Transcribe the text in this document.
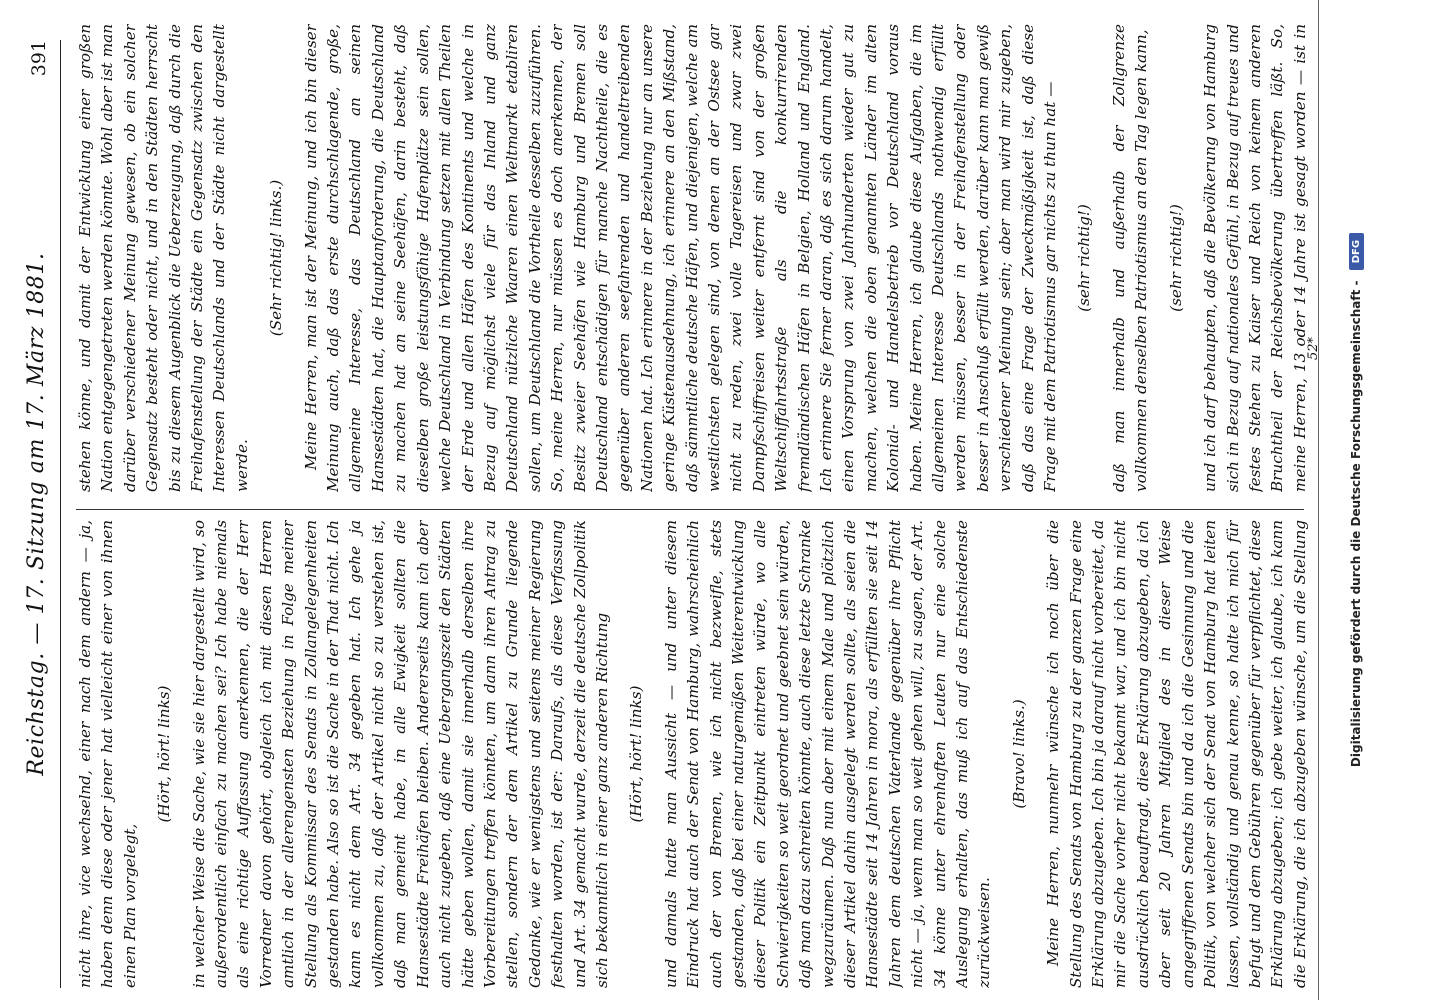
Reichstag. — 17. Sitzung am 17. März 1881.
391

nicht ihre, vice wechselnd, einer nach dem andern — ja, haben denn diese oder jener hat vielleicht einer von ihnen einen Plan vorgelegt,

(Hört, hört! links) in welcher Weise die Sache, wie sie hier dargestellt wird, so außerordentlich einfach zu machen sei? Ich habe niemals als eine richtige Auffassung anerkennen, die der Herr Vorredner davon gehört, obgleich ich mit diesen Herren amtlich in der allerengensten Beziehung in Folge meiner Stellung als Kommissar des Senats in Zollangelegenheiten gestanden habe. Also so ist die Sache in der That nicht. Ich kann es nicht dem Art. 34 gegeben hat. Ich gehe ja vollkommen zu, daß der Artikel nicht so zu verstehen ist, daß man gemeint habe, in alle Ewigkeit sollten die Hansestädte Freihäfen bleiben. Andererseits kann ich aber auch nicht zugeben, daß eine Uebergangszeit den Städten hätte geben wollen, damit sie innerhalb derselben ihre Vorbereitungen treffen könnten, um dann ihren Antrag zu stellen, sondern der dem Artikel zu Grunde liegende Gedanke, wie er wenigstens und seitens meiner Regierung festhalten worden, ist der: Daraufs, als diese Verfassung und Art. 34 gemacht wurde, derzeit die deutsche Zollpolitik sich bekanntlich in einer ganz anderen Richtung (Hört, hört! links) und damals hatte man Aussicht — und unter diesem Eindruck hat auch der Senat von Hamburg, wahrscheinlich auch der von Bremen, wie ich nicht bezweifle, stets gestanden, daß bei einer naturgemäßen Weiterentwicklung dieser Politik ein Zeitpunkt eintreten würde, wo alle Schwierigkeiten so weit geordnet und geebnet sein würden, daß man dazu schreiten könnte, auch diese letzte Schranke wegzuräumen. Daß nun aber mit einem Male und plötzlich dieser Artikel dahin ausgelegt werden sollte, als seien die Hansestädte seit 14 Jahren in mora, als erfüllten sie seit 14 Jahren dem deutschen Vaterlande gegenüber ihre Pflicht nicht — ja, wenn man so weit gehen will, zu sagen, der Art. 34 könne unter ehrenhaften Leuten nur eine solche Auslegung erhalten, das muß ich auf das Entschiedenste zurückweisen.

(Bravo! links.)

Meine Herren, nunmehr wünsche ich noch über die Stellung des Senats von Hamburg zu der ganzen Frage eine Erklärung abzugeben. Ich bin ja darauf nicht vorbereitet, da mir die Sache vorher nicht bekannt war, und ich bin nicht ausdrücklich beauftragt, diese Erklärung abzugeben, da ich aber seit 20 Jahren Mitglied des in dieser Weise angegriffenen Senats bin und da ich die Gesinnung und die Politik, von welcher sich der Senat von Hamburg hat leiten lassen, vollständig und genau kenne, so halte ich mich für befugt und dem Gebühren gegenüber für verpflichtet, diese Erklärung abzugeben; ich gebe weiter, ich glaube, ich kann die Erklärung, die ich abzugeben wünsche, um die Stellung

stehen könne, und damit der Entwicklung einer großen Nation entgegengetreten werden könnte. Wohl aber ist man darüber verschiedener Meinung gewesen, ob ein solcher Gegensatz besteht oder nicht, und in den Städten herrscht bis zu diesem Augenblick die Ueberzeugung, daß durch die Freihafenstellung der Städte ein Gegensatz zwischen den Interessen Deutschlands und der Städte nicht dargestellt werde.

(Sehr richtig! links.) Meine Herren, man ist der Meinung, und ich bin dieser Meinung auch, daß das erste durchschlagende, große, allgemeine Interesse, das Deutschland an seinen Hansestädten hat, die Hauptanforderung, die Deutschland zu machen hat an seine Seehäfen, darin besteht, daß dieselben große leistungsfähige Hafenplätze sein sollen, welche Deutschland in Verbindung setzen mit allen Theilen der Erde und allen Häfen des Kontinents und welche in Bezug auf möglichst viele für das Inland und ganz Deutschland nützliche Waaren einen Weltmarkt etabliren sollen, um Deutschland die Vortheile desselben zuzuführen. So, meine Herren, nur müssen es doch anerkennen, der Besitz zweier Seehäfen wie Hamburg und Bremen soll Deutschland entschädigen für manche Nachtheile, die es gegenüber anderen seefahrenden und handeltreibenden Nationen hat. Ich erinnere in der Beziehung nur an unsere geringe Küstenausdehnung, ich erinnere an den Mißstand, daß sämmtliche deutsche Häfen, und diejenigen, welche am westlichsten gelegen sind, von denen an der Ostsee gar nicht zu reden, zwei volle Tagereisen und zwar zwei Dampfschiffreisen weiter entfernt sind von der großen Weltschiffahrtsstraße als die konkurrirenden fremdländischen Häfen in Belgien, Holland und England. Ich erinnere Sie ferner daran, daß es sich darum handelt, einen Vorsprung von zwei Jahrhunderten wieder gut zu machen, welchen die oben genannten Länder im alten Kolonial- und Handelsbetrieb vor Deutschland voraus haben. Meine Herren, ich glaube diese Aufgaben, die im allgemeinen Interesse Deutschlands nothwendig erfüllt werden müssen, besser in der Freihafenstellung oder besser in Anschluß erfüllt werden, darüber kann man gewiß verschiedener Meinung sein; aber man wird mir zugeben, daß das eine Frage der Zweckmäßigkeit ist, daß diese Frage mit dem Patriotismus gar nichts zu thun hat — (sehr richtig!) daß man innerhalb und außerhalb der Zollgrenze vollkommen denselben Patriotismus an den Tag legen kann, (sehr richtig!)

und ich darf behaupten, daß die Bevölkerung von Hamburg sich in Bezug auf nationales Gefühl, in Bezug auf treues und festes Stehen zu Kaiser und Reich von keinem anderen Bruchtheil der Reichsbevölkerung übertreffen läßt. So, meine Herren, 13 oder 14 Jahre ist gesagt worden — ist in

52* Digitalisierung gefördert durch die Deutsche Forschungsgemeinschaft - DFG
